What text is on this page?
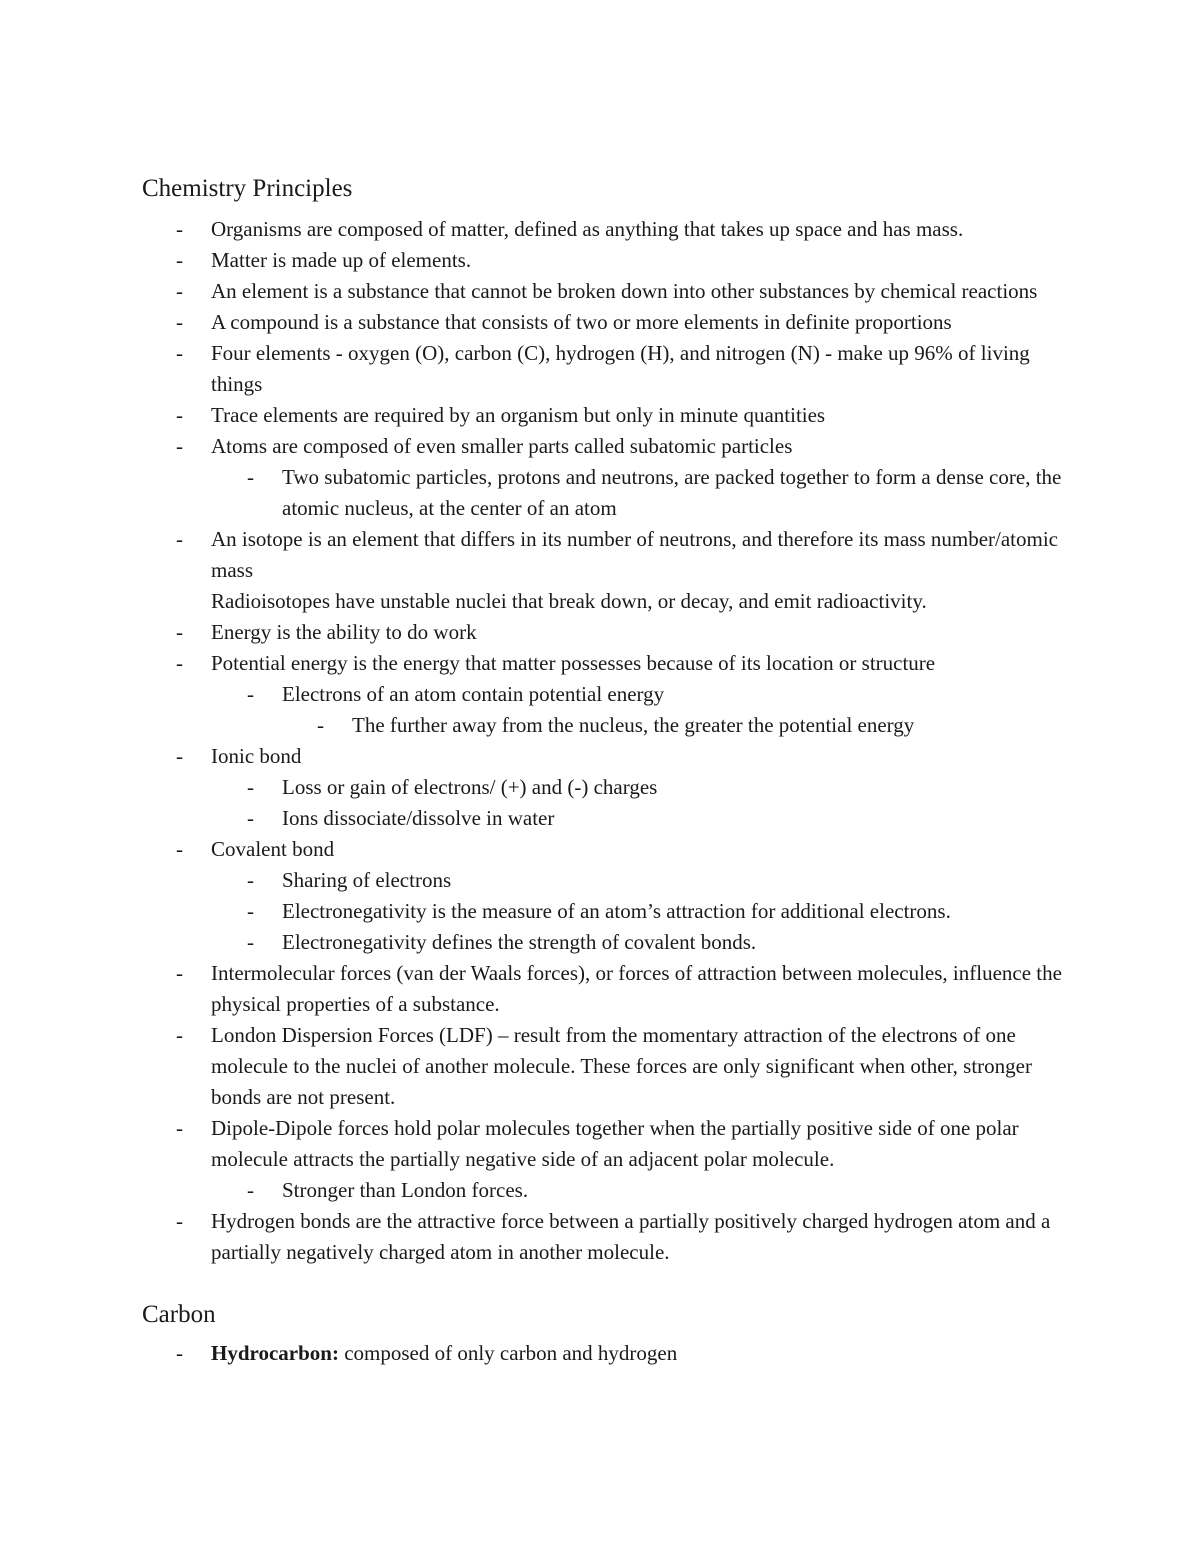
Chemistry Principles
- Organisms are composed of matter, defined as anything that takes up space and has mass.
- Matter is made up of elements.
- An element is a substance that cannot be broken down into other substances by chemical reactions
- A compound is a substance that consists of two or more elements in definite proportions
- Four elements - oxygen (O), carbon (C), hydrogen (H), and nitrogen (N) - make up 96% of living things
- Trace elements are required by an organism but only in minute quantities
- Atoms are composed of even smaller parts called subatomic particles
- Two subatomic particles, protons and neutrons, are packed together to form a dense core, the atomic nucleus, at the center of an atom
- An isotope is an element that differs in its number of neutrons, and therefore its mass number/atomic mass
Radioisotopes have unstable nuclei that break down, or decay, and emit radioactivity.
- Energy is the ability to do work
- Potential energy is the energy that matter possesses because of its location or structure
- Electrons of an atom contain potential energy
- The further away from the nucleus, the greater the potential energy
- Ionic bond
- Loss or gain of electrons/ (+) and (-) charges
- Ions dissociate/dissolve in water
- Covalent bond
- Sharing of electrons
- Electronegativity is the measure of an atom’s attraction for additional electrons.
- Electronegativity defines the strength of covalent bonds.
- Intermolecular forces (van der Waals forces), or forces of attraction between molecules, influence the physical properties of a substance.
- London Dispersion Forces (LDF) – result from the momentary attraction of the electrons of one molecule to the nuclei of another molecule. These forces are only significant when other, stronger bonds are not present.
- Dipole-Dipole forces hold polar molecules together when the partially positive side of one polar molecule attracts the partially negative side of an adjacent polar molecule.
- Stronger than London forces.
- Hydrogen bonds are the attractive force between a partially positively charged hydrogen atom and a partially negatively charged atom in another molecule.
Carbon
- Hydrocarbon: composed of only carbon and hydrogen
